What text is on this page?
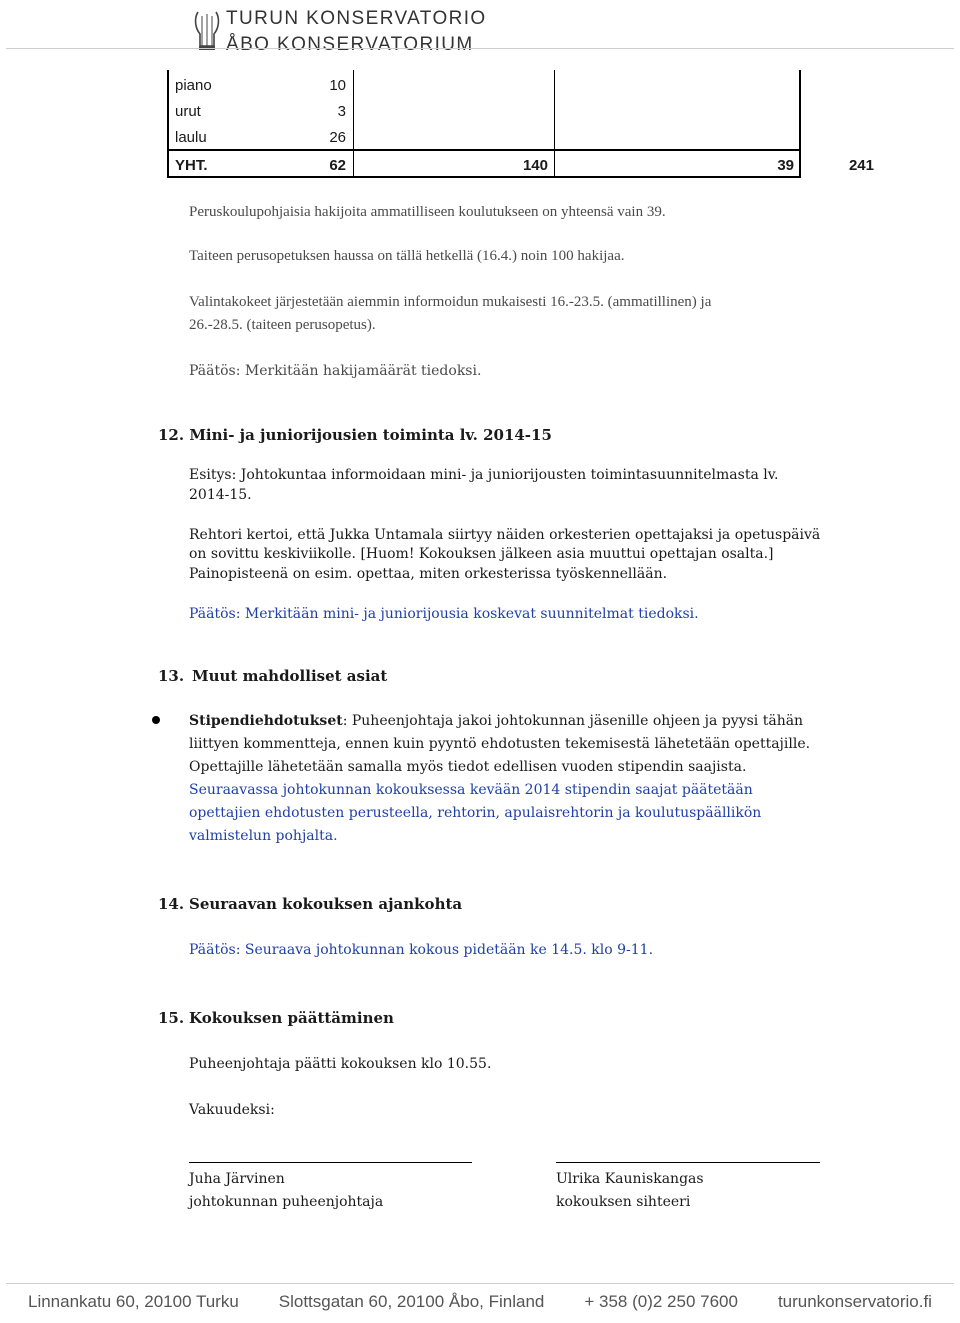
TURUN KONSERVATORIO
ÅBO KONSERVATORIUM
piano	10
urut	3
laulu	26
YHT.	62	140	39	241
Peruskoulupohjaisia hakijoita ammatilliseen koulutukseen on yhteensä vain 39.
Taiteen perusopetuksen haussa on tällä hetkellä (16.4.) noin 100 hakijaa.
Valintakokeet järjestetään aiemmin informoidun mukaisesti 16.-23.5. (ammatillinen) ja
26.-28.5. (taiteen perusopetus).
Päätös: Merkitään hakijamäärät tiedoksi.
12. Mini- ja juniorijousien toiminta lv. 2014-15
Esitys: Johtokuntaa informoidaan mini- ja juniorijousten toimintasuunnitelmasta lv.
2014-15.
Rehtori kertoi, että Jukka Untamala siirtyy näiden orkesterien opettajaksi ja opetuspäivä
on sovittu keskiviikolle. [Huom! Kokouksen jälkeen asia muuttui opettajan osalta.]
Painopisteenä on esim. opettaa, miten orkesterissa työskennellään.
Päätös: Merkitään mini- ja juniorijousia koskevat suunnitelmat tiedoksi.
13. Muut mahdolliset asiat
Stipendiehdotukset: Puheenjohtaja jakoi johtokunnan jäsenille ohjeen ja pyysi tähän
liittyen kommentteja, ennen kuin pyyntö ehdotusten tekemisestä lähetetään opettajille.
Opettajille lähetetään samalla myös tiedot edellisen vuoden stipendin saajista.
Seuraavassa johtokunnan kokouksessa kevään 2014 stipendin saajat päätetään
opettajien ehdotusten perusteella, rehtorin, apulaisrehtorin ja koulutuspäällikön
valmistelun pohjalta.
14. Seuraavan kokouksen ajankohta
Päätös: Seuraava johtokunnan kokous pidetään ke 14.5. klo 9-11.
15. Kokouksen päättäminen
Puheenjohtaja päätti kokouksen klo 10.55.
Vakuudeksi:
Juha Järvinen
johtokunnan puheenjohtaja
Ulrika Kauniskangas
kokouksen sihteeri
Linnankatu 60, 20100 Turku Slottsgatan 60, 20100 Åbo, Finland + 358 (0)2 250 7600 turunkonservatorio.fi
